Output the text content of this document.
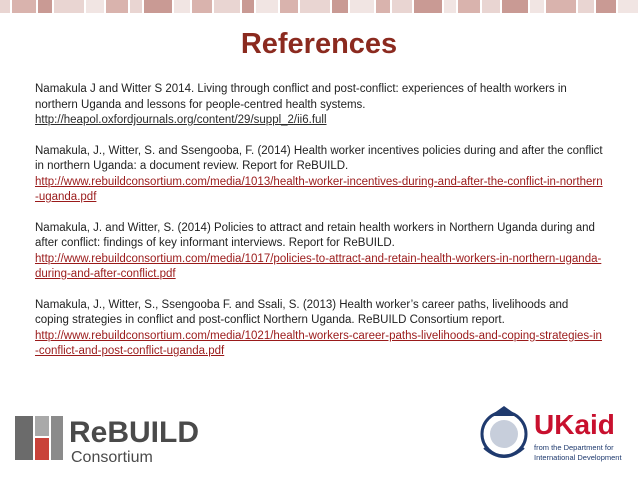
References
Namakula J and Witter S 2014. Living through conflict and post-conflict: experiences of health workers in northern Uganda and lessons for people-centred health systems.
http://heapol.oxfordjournals.org/content/29/suppl_2/ii6.full
Namakula, J., Witter, S. and Ssengooba, F. (2014) Health worker incentives policies during and after the conflict in northern Uganda: a document review. Report for ReBUILD.
http://www.rebuildconsortium.com/media/1013/health-worker-incentives-during-and-after-the-conflict-in-northern-uganda.pdf
Namakula, J. and Witter, S. (2014) Policies to attract and retain health workers in Northern Uganda during and after conflict: findings of key informant interviews. Report for ReBUILD.
http://www.rebuildconsortium.com/media/1017/policies-to-attract-and-retain-health-workers-in-northern-uganda-during-and-after-conflict.pdf
Namakula, J., Witter, S., Ssengooba F. and Ssali, S. (2013) Health worker’s career paths, livelihoods and coping strategies in conflict and post-conflict Northern Uganda. ReBUILD Consortium report.
http://www.rebuildconsortium.com/media/1021/health-workers-career-paths-livelihoods-and-coping-strategies-in-conflict-and-post-conflict-uganda.pdf
ReBUILD
Consortium
UKaid
from the Department for
International Development
